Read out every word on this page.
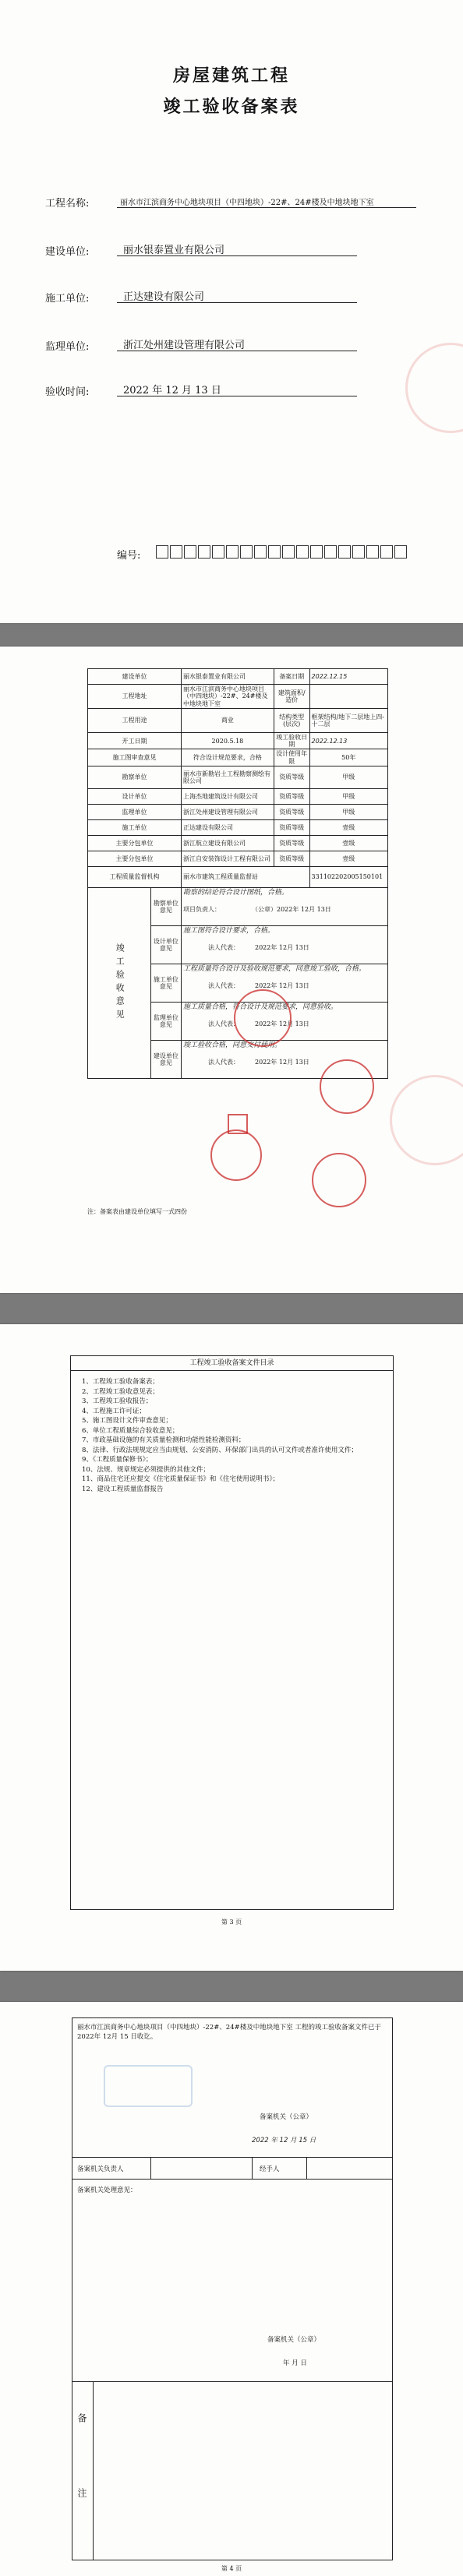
房屋建筑工程
竣工验收备案表
工程名称:	丽水市江滨商务中心地块项目（中四地块）-22#、24#楼及中地块地下室
建设单位:	丽水银泰置业有限公司
施工单位:	正达建设有限公司
监理单位:	浙江处州建设管理有限公司
验收时间:	2022 年 12 月 13 日
编号:
建设单位		丽水银泰置业有限公司	备案日期	2022.12.15
工程地址		丽水市江滨商务中心地块项目（中四地块）-22#、24#楼及中地块地下室	建筑面积/造价	
工程用途		商业	结构类型(层次)	框架结构/地下二层地上四-十二层
开工日期		2020.5.18	竣工验收日期	2022.12.13
施工图审查意见		符合设计规范要求，合格	设计使用年限	50年
勘察单位		丽水市新勘岩土工程勘察测绘有限公司	资质等级	甲级
设计单位		上海杰地建筑设计有限公司	资质等级	甲级
监理单位		浙江处州建设管理有限公司	资质等级	甲级
施工单位		正达建设有限公司	资质等级	壹级
主要分包单位		浙江航立建设有限公司	资质等级	壹级
主要分包单位		浙江自安装饰设计工程有限公司	资质等级	壹级
工程质量监督机构		丽水市建筑工程质量监督站		331102202005150101
竣工验收意见	勘察单位意见	勘察的结论符合设计图纸，合格。
项目负责人：　　　　　　 （公章）2022年 12月 13日		

	设计单位意见	施工图符合设计要求，合格。
　　　　法人代表：　　　 2022年 12月 13日		

	施工单位意见	工程质量符合设计及验收规范要求，同意竣工验收，合格。
　　　　法人代表：　　　 2022年 12月 13日		

	监理单位意见	施工质量合格，符合设计及规范要求，同意验收。
　　　　法人代表：　　　 2022年 12月 13日		

	建设单位意见	竣工验收合格，同意交付使用。
　　　　法人代表：　　　 2022年 12月 13日		
注：备案表由建设单位填写一式四份
工程竣工验收备案文件目录
1、工程竣工验收备案表；
2、工程竣工验收意见表；
3、工程竣工验收报告；
4、工程施工许可证；
5、施工图设计文件审查意见；
6、单位工程质量综合验收意见；
7、市政基础设施的有关质量检测和功能性能检测资料；
8、法律、行政法规规定应当由规划、公安消防、环保部门出具的认可文件或者准许使用文件；
9、《工程质量保修书》；
10、法规、规章规定必须提供的其他文件；
11、商品住宅还应提交《住宅质量保证书》和《住宅使用说明书》；
12、建设工程质量监督报告
第 3 页
丽水市江滨商务中心地块项目（中四地块）-22#、24#楼及中地块地下室 工程的竣工验收备案文件已于 2022年 12月 15 日收讫。
备案机关（公章）
2022 年 12 月 15 日
备案机关负责人	经手人
备案机关处理意见：
备案机关（公章）
年 月 日
备 注
第 4 页
